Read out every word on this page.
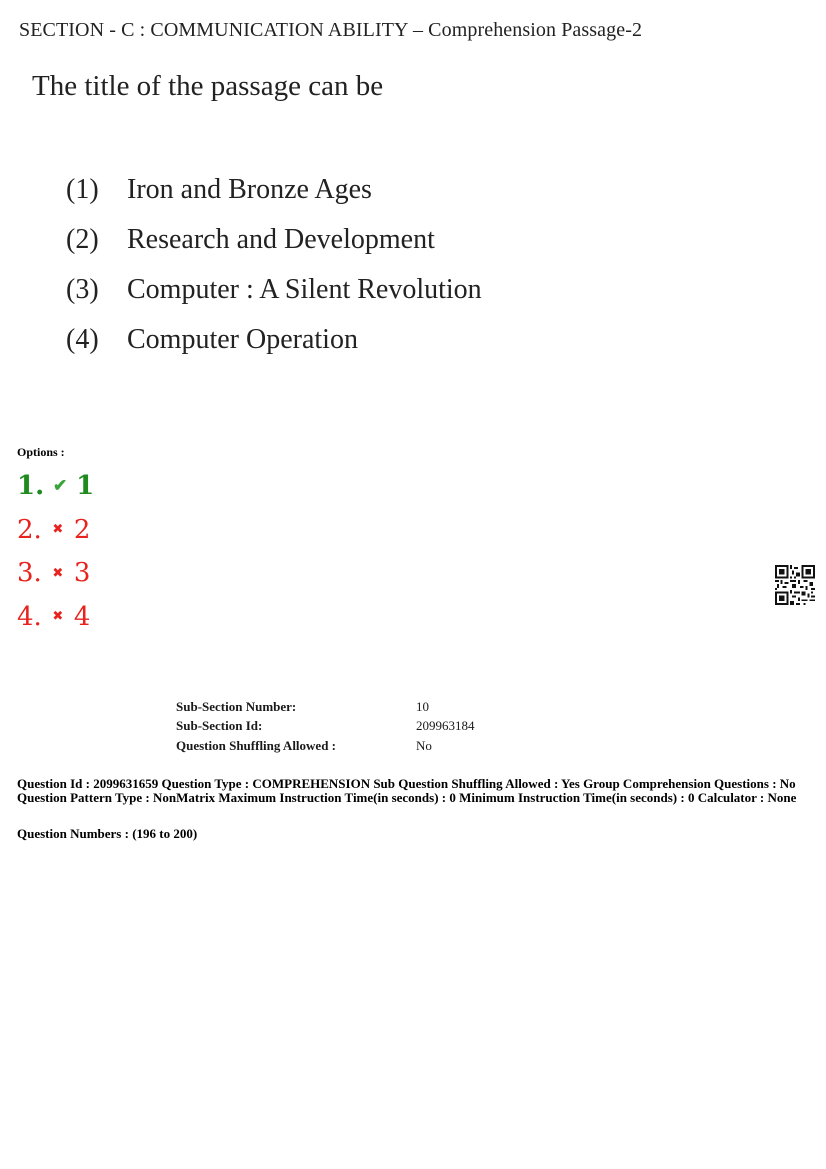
SECTION - C : COMMUNICATION ABILITY – Comprehension Passage-2
The title of the passage can be
(1)	Iron and Bronze Ages
(2)	Research and Development
(3)	Computer : A Silent Revolution
(4)	Computer Operation
Options :
1. ✔ 1
2. ✖ 2
3. ✖ 3
4. ✖ 4
Sub-Section Number:	10
Sub-Section Id:	209963184
Question Shuffling Allowed :	No
Question Id : 2099631659 Question Type : COMPREHENSION Sub Question Shuffling Allowed : Yes Group Comprehension Questions : No Question Pattern Type : NonMatrix Maximum Instruction Time(in seconds) : 0 Minimum Instruction Time(in seconds) : 0 Calculator : None
Question Numbers : (196 to 200)
